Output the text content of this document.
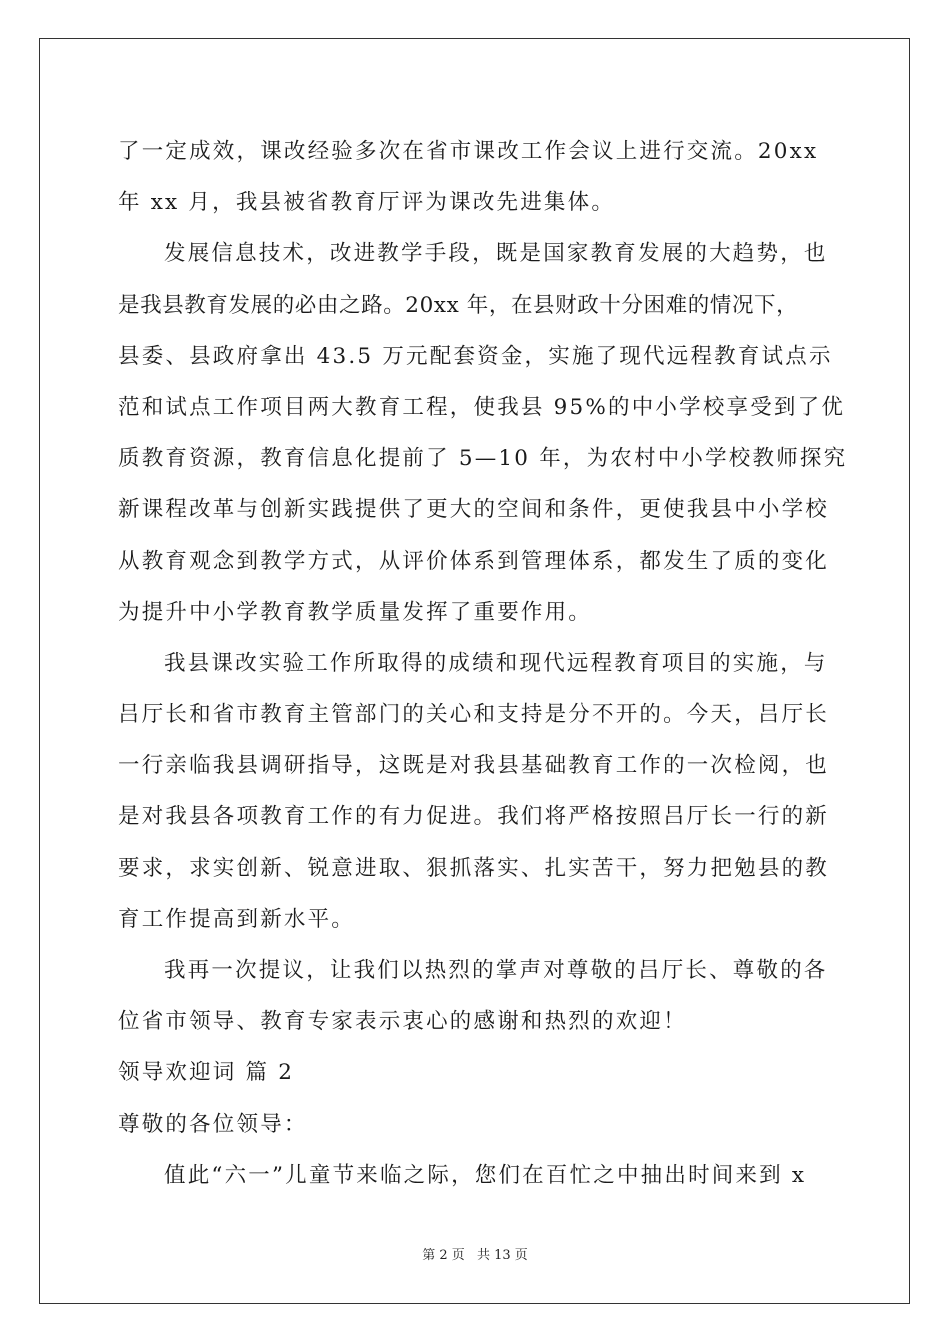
了一定成效，课改经验多次在省市课改工作会议上进行交流。20xx
年 xx 月，我县被省教育厅评为课改先进集体。
发展信息技术，改进教学手段，既是国家教育发展的大趋势，也
是我县教育发展的必由之路。20xx 年，在县财政十分困难的情况下，
县委、县政府拿出 43.5 万元配套资金，实施了现代远程教育试点示
范和试点工作项目两大教育工程，使我县 95%的中小学校享受到了优
质教育资源，教育信息化提前了 5—10 年，为农村中小学校教师探究
新课程改革与创新实践提供了更大的空间和条件，更使我县中小学校
从教育观念到教学方式，从评价体系到管理体系，都发生了质的变化
为提升中小学教育教学质量发挥了重要作用。
我县课改实验工作所取得的成绩和现代远程教育项目的实施，与
吕厅长和省市教育主管部门的关心和支持是分不开的。今天，吕厅长
一行亲临我县调研指导，这既是对我县基础教育工作的一次检阅，也
是对我县各项教育工作的有力促进。我们将严格按照吕厅长一行的新
要求，求实创新、锐意进取、狠抓落实、扎实苦干，努力把勉县的教
育工作提高到新水平。
我再一次提议，让我们以热烈的掌声对尊敬的吕厅长、尊敬的各
位省市领导、教育专家表示衷心的感谢和热烈的欢迎！
领导欢迎词 篇 2
尊敬的各位领导：
值此“六一”儿童节来临之际，您们在百忙之中抽出时间来到 x
第 2 页 共 13 页
